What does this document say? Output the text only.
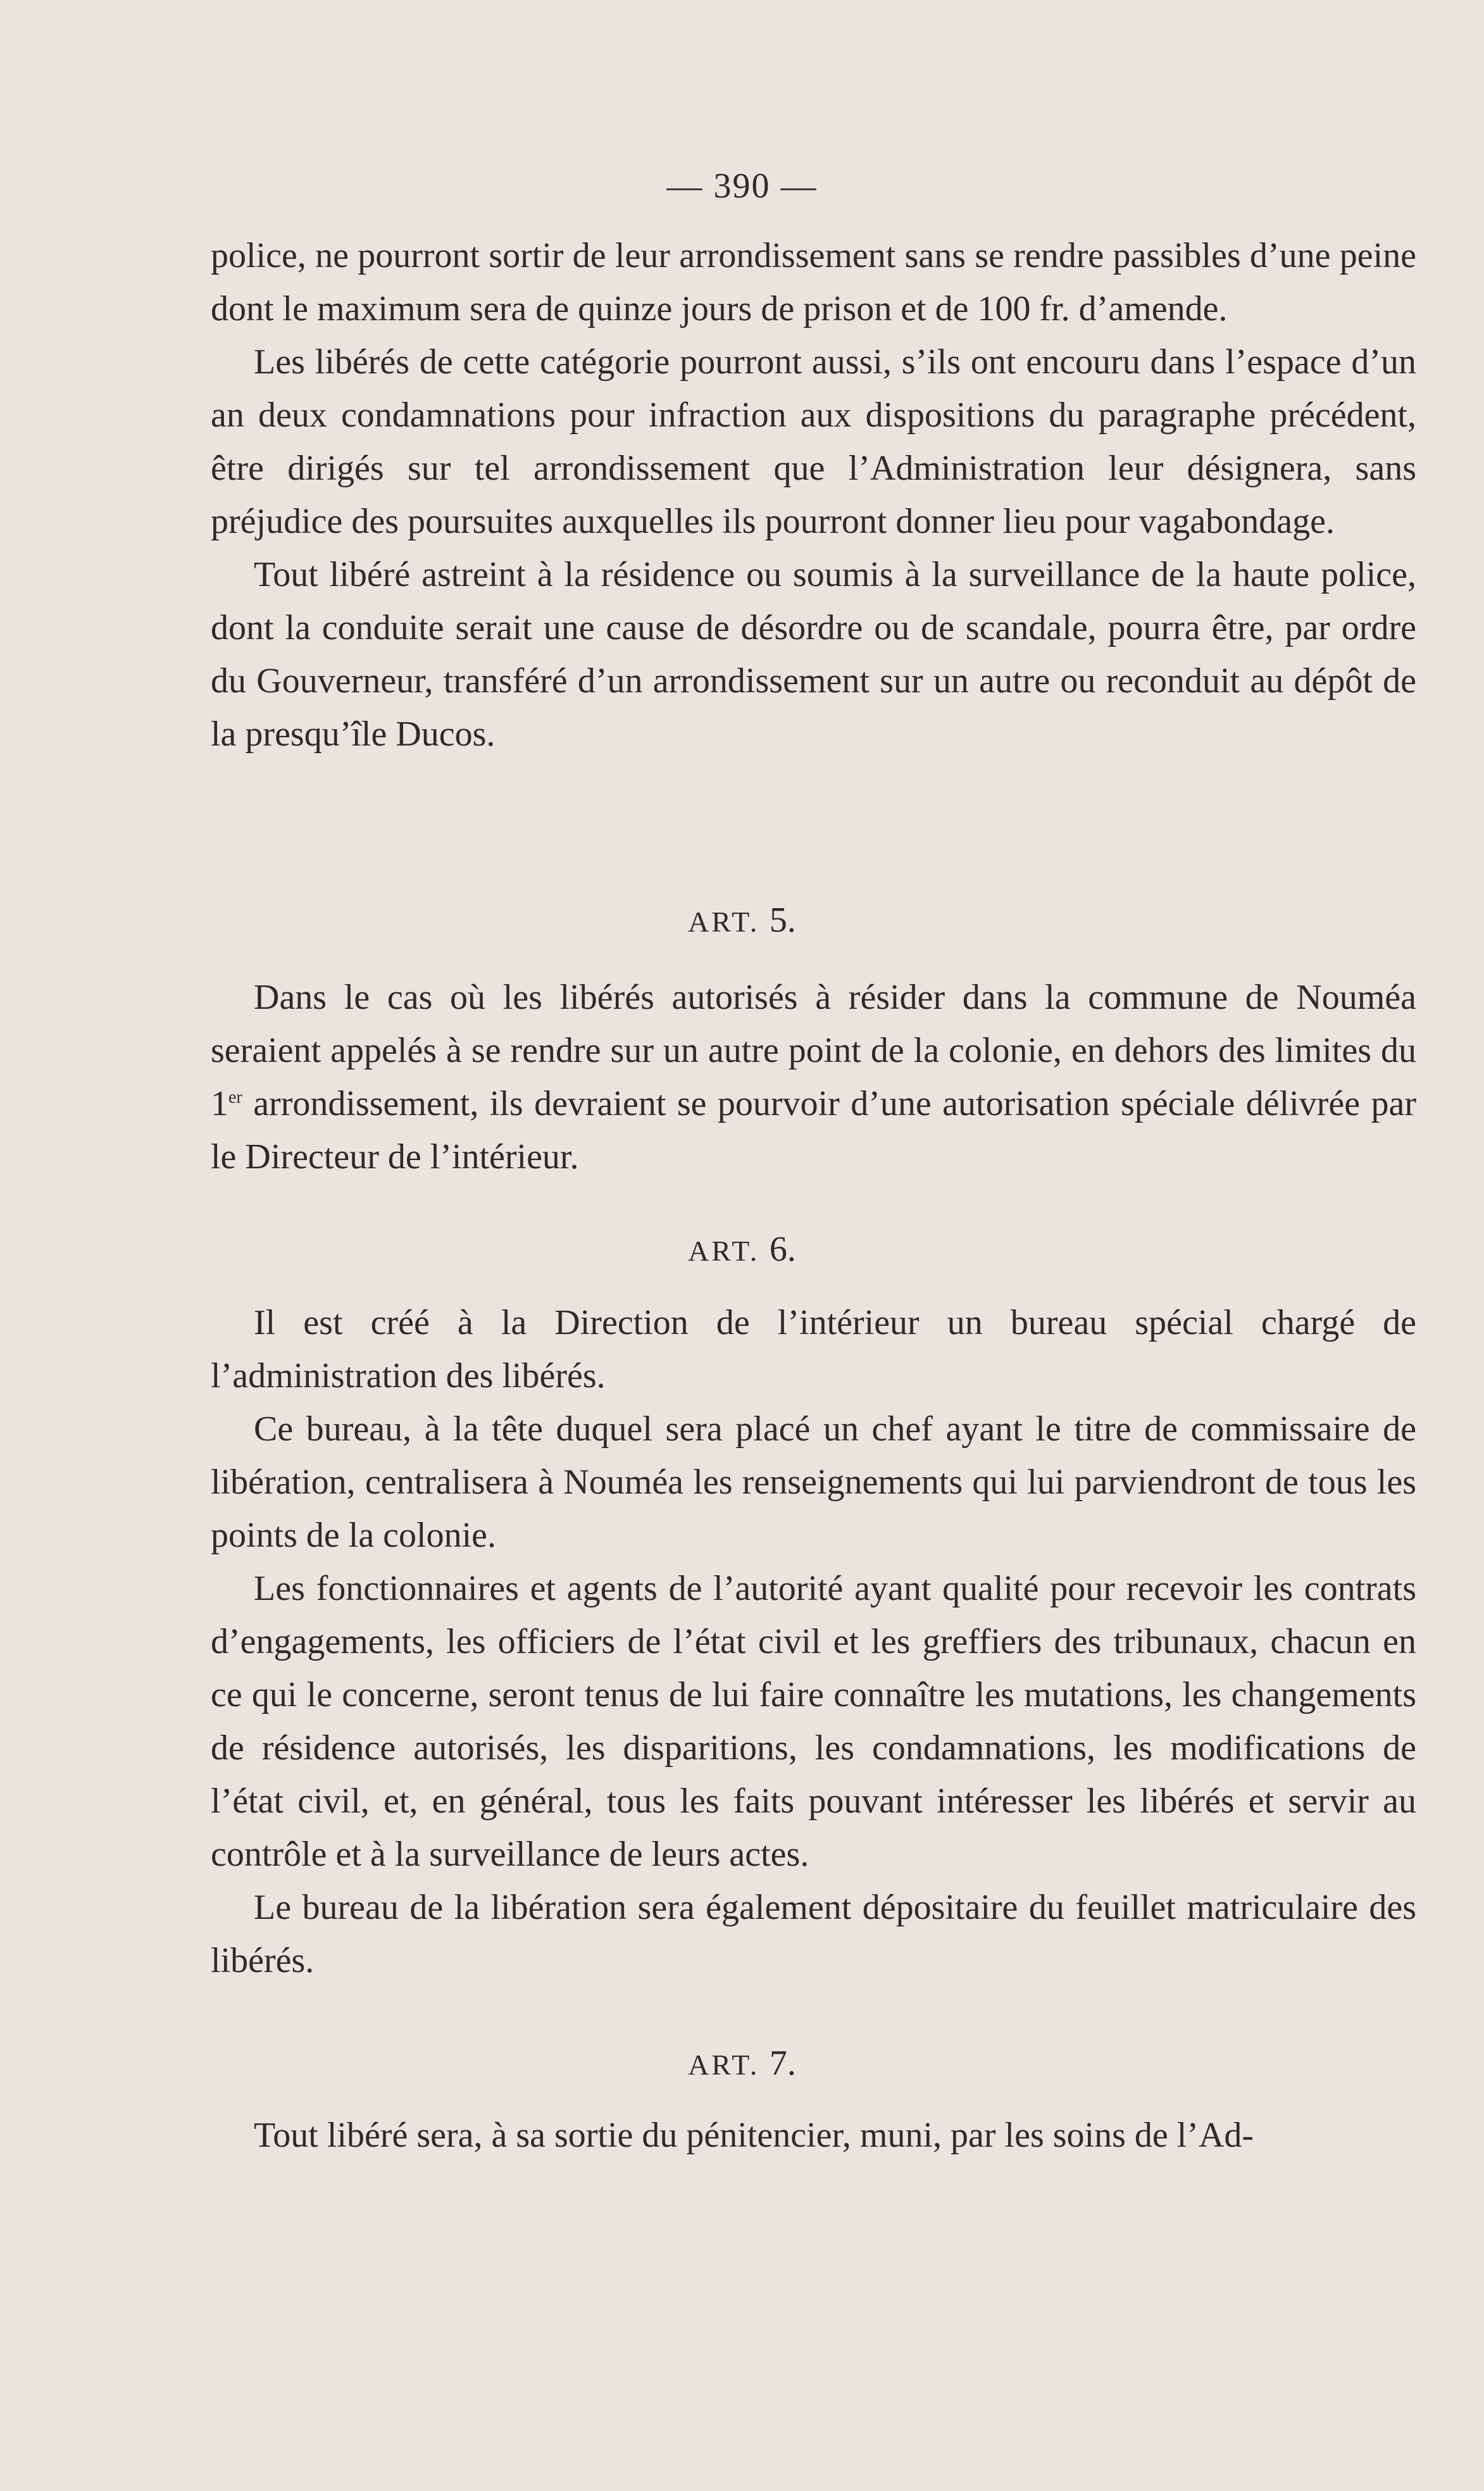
— 390 —

police, ne pourront sortir de leur arrondissement sans se rendre passibles d’une peine dont le maximum sera de quinze jours de prison et de 100 fr. d’amende.

Les libérés de cette catégorie pourront aussi, s’ils ont encouru dans l’espace d’un an deux condamnations pour infraction aux dispositions du paragraphe précédent, être dirigés sur tel arrondissement que l’Administration leur désignera, sans préjudice des poursuites auxquelles ils pourront donner lieu pour vagabondage.

Tout libéré astreint à la résidence ou soumis à la surveillance de la haute police, dont la conduite serait une cause de désordre ou de scandale, pourra être, par ordre du Gouverneur, transféré d’un arrondissement sur un autre ou reconduit au dépôt de la presqu’île Ducos.

ART. 5.

Dans le cas où les libérés autorisés à résider dans la commune de Nouméa seraient appelés à se rendre sur un autre point de la colonie, en dehors des limites du 1er arrondissement, ils devraient se pourvoir d’une autorisation spéciale délivrée par le Directeur de l’intérieur.

ART. 6.

Il est créé à la Direction de l’intérieur un bureau spécial chargé de l’administration des libérés.

Ce bureau, à la tête duquel sera placé un chef ayant le titre de commissaire de libération, centralisera à Nouméa les renseignements qui lui parviendront de tous les points de la colonie.

Les fonctionnaires et agents de l’autorité ayant qualité pour recevoir les contrats d’engagements, les officiers de l’état civil et les greffiers des tribunaux, chacun en ce qui le concerne, seront tenus de lui faire connaître les mutations, les changements de résidence autorisés, les disparitions, les condamnations, les modifications de l’état civil, et, en général, tous les faits pouvant intéresser les libérés et servir au contrôle et à la surveillance de leurs actes.

Le bureau de la libération sera également dépositaire du feuillet matriculaire des libérés.

ART. 7.

Tout libéré sera, à sa sortie du pénitencier, muni, par les soins de l’Ad-
